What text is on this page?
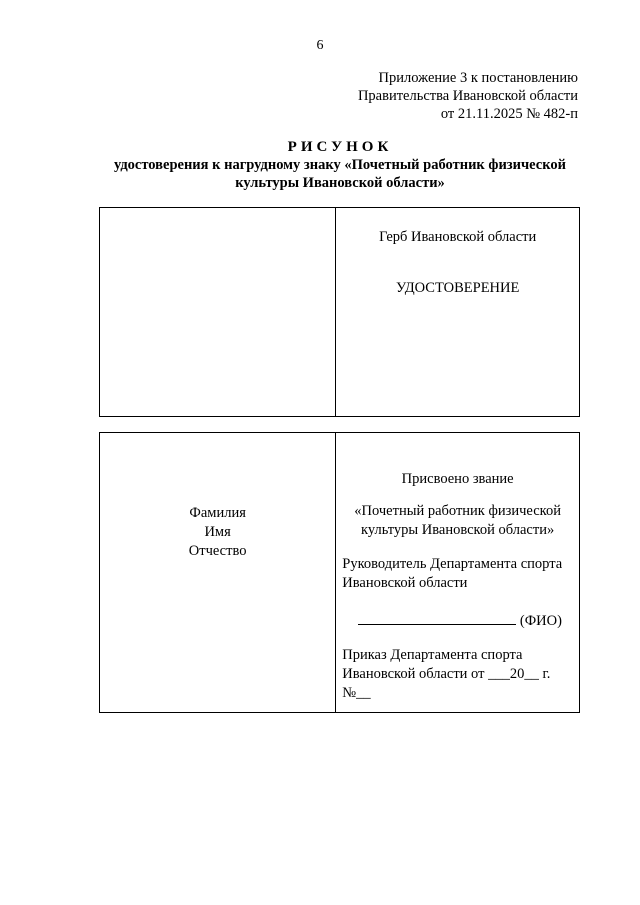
6
Приложение 3 к постановлению
Правительства Ивановской области
от 21.11.2025 № 482-п
РИСУНОК
удостоверения к нагрудному знаку «Почетный работник физической
культуры Ивановской области»

Герб Ивановской области
УДОСТОВЕРЕНИЕ
Фамилия
Имя
Отчество

Присвоено звание
«Почетный работник физической
культуры Ивановской области»
Руководитель Департамента спорта
Ивановской области
(ФИО)
Приказ Департамента спорта
Ивановской области от ___20__ г.
№__
